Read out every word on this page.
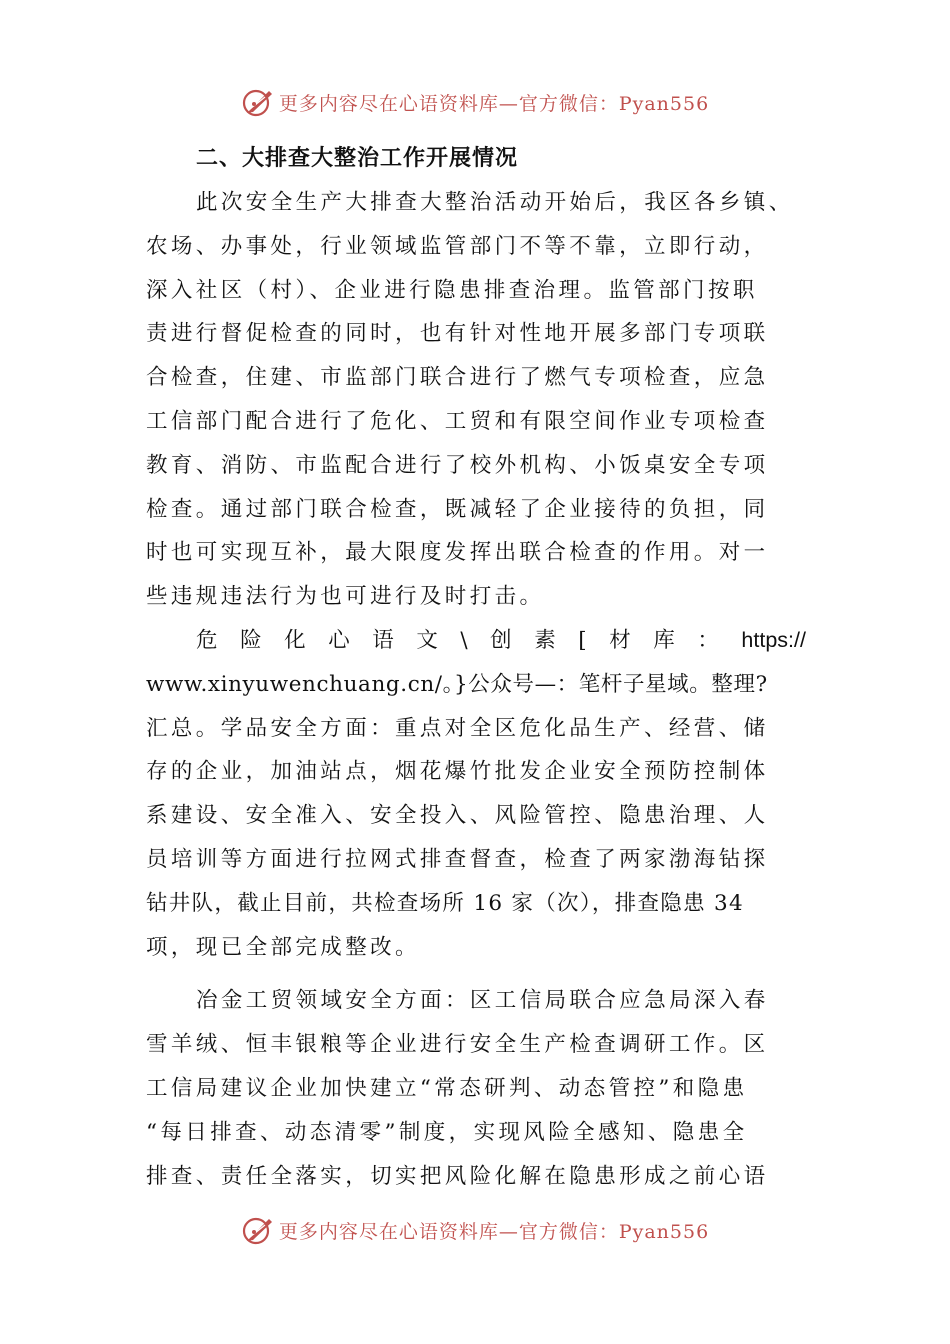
更多内容尽在心语资料库—官方微信：Pyan556
二、大排查大整治工作开展情况
此次安全生产大排查大整治活动开始后，我区各乡镇、
农场、办事处，行业领域监管部门不等不靠，立即行动，
深入社区（村）、企业进行隐患排查治理。监管部门按职
责进行督促检查的同时，也有针对性地开展多部门专项联
合检查，住建、市监部门联合进行了燃气专项检查，应急
工信部门配合进行了危化、工贸和有限空间作业专项检查
教育、消防、市监配合进行了校外机构、小饭桌安全专项
检查。通过部门联合检查，既减轻了企业接待的负担，同
时也可实现互补，最大限度发挥出联合检查的作用。对一
些违规违法行为也可进行及时打击。
危 险 化 心 语 文 \ 创 素 [ 材 库 ： https://
www.xinyuwenchuang.cn/。}公众号—：笔杆子星域。整理?
汇总。学品安全方面：重点对全区危化品生产、经营、储
存的企业，加油站点，烟花爆竹批发企业安全预防控制体
系建设、安全准入、安全投入、风险管控、隐患治理、人
员培训等方面进行拉网式排查督查，检查了两家渤海钻探
钻井队，截止目前，共检查场所 16 家（次），排查隐患 34
项，现已全部完成整改。
冶金工贸领域安全方面：区工信局联合应急局深入春
雪羊绒、恒丰银粮等企业进行安全生产检查调研工作。区
工信局建议企业加快建立“常态研判、动态管控”和隐患
“每日排查、动态清零”制度，实现风险全感知、隐患全
排查、责任全落实，切实把风险化解在隐患形成之前心语
更多内容尽在心语资料库—官方微信：Pyan556
